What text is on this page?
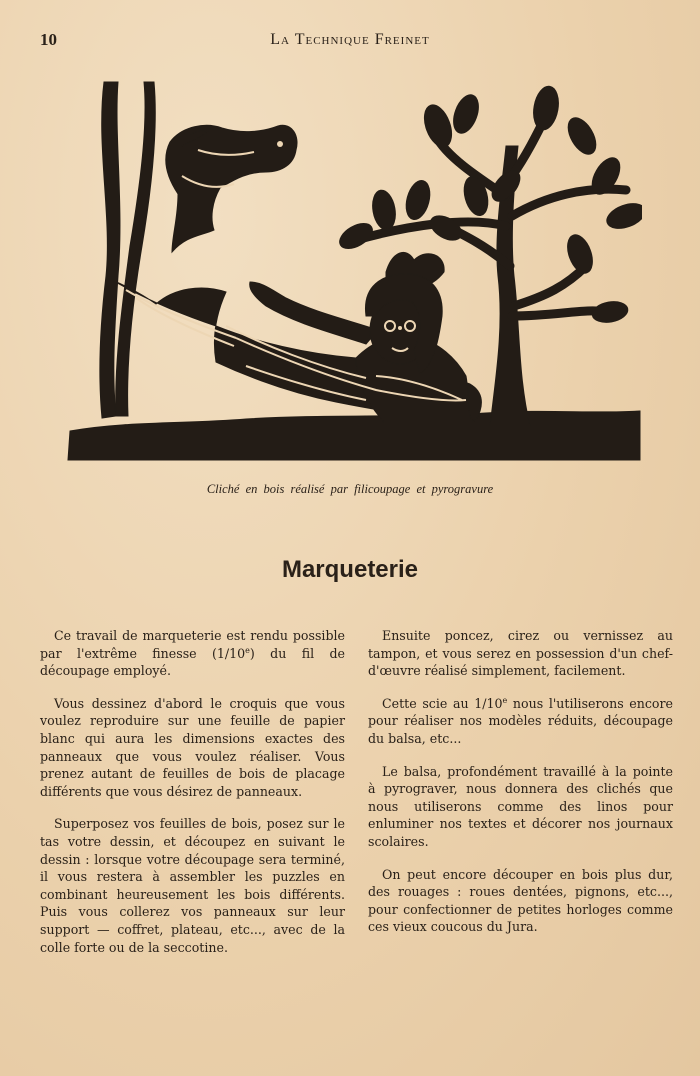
10	La Technique Freinet
Cliché en bois réalisé par filicoupage et pyrogravure
Marqueterie

Ce travail de marqueterie est rendu possible par l'extrême finesse (1/10e) du fil de découpage employé.

Vous dessinez d'abord le croquis que vous voulez reproduire sur une feuille de papier blanc qui aura les dimensions exactes des panneaux que vous voulez réaliser. Vous prenez autant de feuilles de bois de placage différents que vous désirez de panneaux.

Superposez vos feuilles de bois, posez sur le tas votre dessin, et découpez en suivant le dessin : lorsque votre découpage sera terminé, il vous restera à assembler les puzzles en combinant heureusement les bois différents. Puis vous collerez vos panneaux sur leur support — coffret, plateau, etc..., avec de la colle forte ou de la seccotine.

Ensuite poncez, cirez ou vernissez au tampon, et vous serez en possession d'un chef-d'œuvre réalisé simplement, facilement.

Cette scie au 1/10e nous l'utiliserons encore pour réaliser nos modèles réduits, découpage du balsa, etc...

Le balsa, profondément travaillé à la pointe à pyrograver, nous donnera des clichés que nous utiliserons comme des linos pour enluminer nos textes et décorer nos journaux scolaires.

On peut encore découper en bois plus dur, des rouages : roues dentées, pignons, etc..., pour confectionner de petites horloges comme ces vieux coucous du Jura.
